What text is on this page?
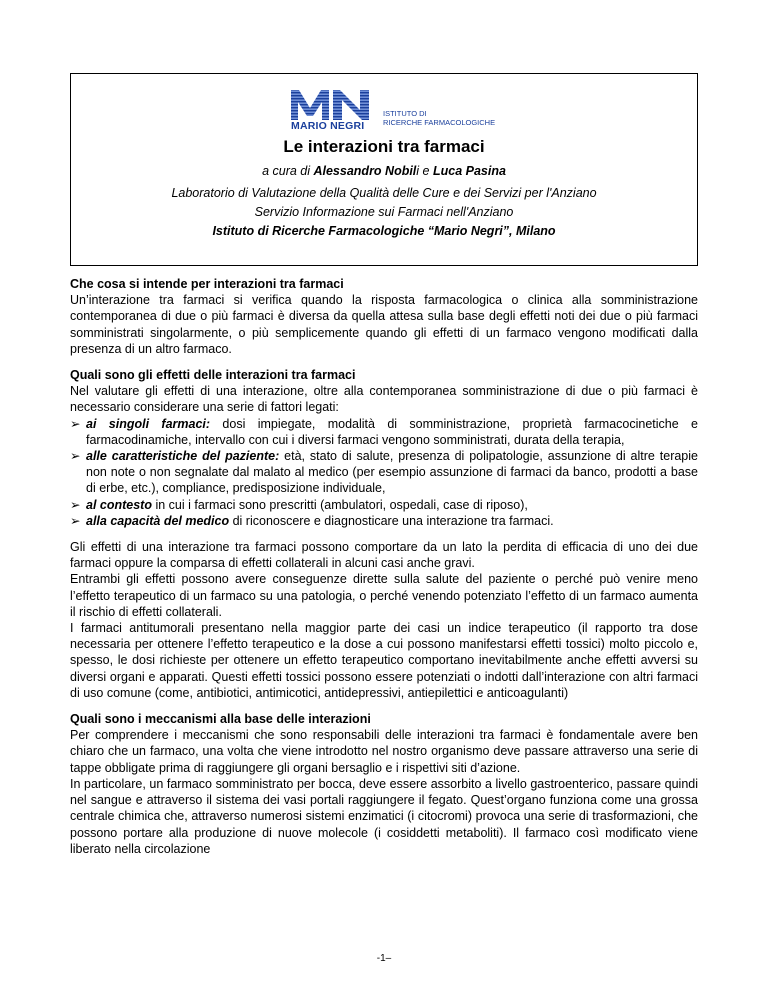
MARIO NEGRI
ISTITUTO DI
RICERCHE FARMACOLOGICHE
Le interazioni tra farmaci
a cura di Alessandro Nobili e Luca Pasina
Laboratorio di Valutazione della Qualità delle Cure e dei Servizi per l'Anziano
Servizio Informazione sui Farmaci nell'Anziano
Istituto di Ricerche Farmacologiche “Mario Negri”, Milano

Che cosa si intende per interazioni tra farmaci

Un’interazione tra farmaci si verifica quando la risposta farmacologica o clinica alla somministrazione contemporanea di due o più farmaci è diversa da quella attesa sulla base degli effetti noti dei due o più farmaci somministrati singolarmente, o più semplicemente quando gli effetti di un farmaco vengono modificati dalla presenza di un altro farmaco.

Quali sono gli effetti delle interazioni tra farmaci

Nel valutare gli effetti di una interazione, oltre alla contemporanea somministrazione di due o più farmaci è necessario considerare una serie di fattori legati:

➢ ai singoli farmaci: dosi impiegate, modalità di somministrazione, proprietà farmacocinetiche e farmacodinamiche, intervallo con cui i diversi farmaci vengono somministrati, durata della terapia,
➢ alle caratteristiche del paziente: età, stato di salute, presenza di polipatologie, assunzione di altre terapie non note o non segnalate dal malato al medico (per esempio assunzione di farmaci da banco, prodotti a base di erbe, etc.), compliance, predisposizione individuale,
➢ al contesto in cui i farmaci sono prescritti (ambulatori, ospedali, case di riposo),
➢ alla capacità del medico di riconoscere e diagnosticare una interazione tra farmaci.

Gli effetti di una interazione tra farmaci possono comportare da un lato la perdita di efficacia di uno dei due farmaci oppure la comparsa di effetti collaterali in alcuni casi anche gravi.

Entrambi gli effetti possono avere conseguenze dirette sulla salute del paziente o perché può venire meno l’effetto terapeutico di un farmaco su una patologia, o perché venendo potenziato l’effetto di un farmaco aumenta il rischio di effetti collaterali.

I farmaci antitumorali presentano nella maggior parte dei casi un indice terapeutico (il rapporto tra dose necessaria per ottenere l’effetto terapeutico e la dose a cui possono manifestarsi effetti tossici) molto piccolo e, spesso, le dosi richieste per ottenere un effetto terapeutico comportano inevitabilmente anche effetti avversi su diversi organi e apparati. Questi effetti tossici possono essere potenziati o indotti dall’interazione con altri farmaci di uso comune (come, antibiotici, antimicotici, antidepressivi, antiepilettici e anticoagulanti)

Quali sono i meccanismi alla base delle interazioni

Per comprendere i meccanismi che sono responsabili delle interazioni tra farmaci è fondamentale avere ben chiaro che un farmaco, una volta che viene introdotto nel nostro organismo deve passare attraverso una serie di tappe obbligate prima di raggiungere gli organi bersaglio e i rispettivi siti d’azione.

In particolare, un farmaco somministrato per bocca, deve essere assorbito a livello gastroenterico, passare quindi nel sangue e attraverso il sistema dei vasi portali raggiungere il fegato. Quest’organo funziona come una grossa centrale chimica che, attraverso numerosi sistemi enzimatici (i citocromi) provoca una serie di trasformazioni, che possono portare alla produzione di nuove molecole (i cosiddetti metaboliti). Il farmaco così modificato viene liberato nella circolazione

-1–
